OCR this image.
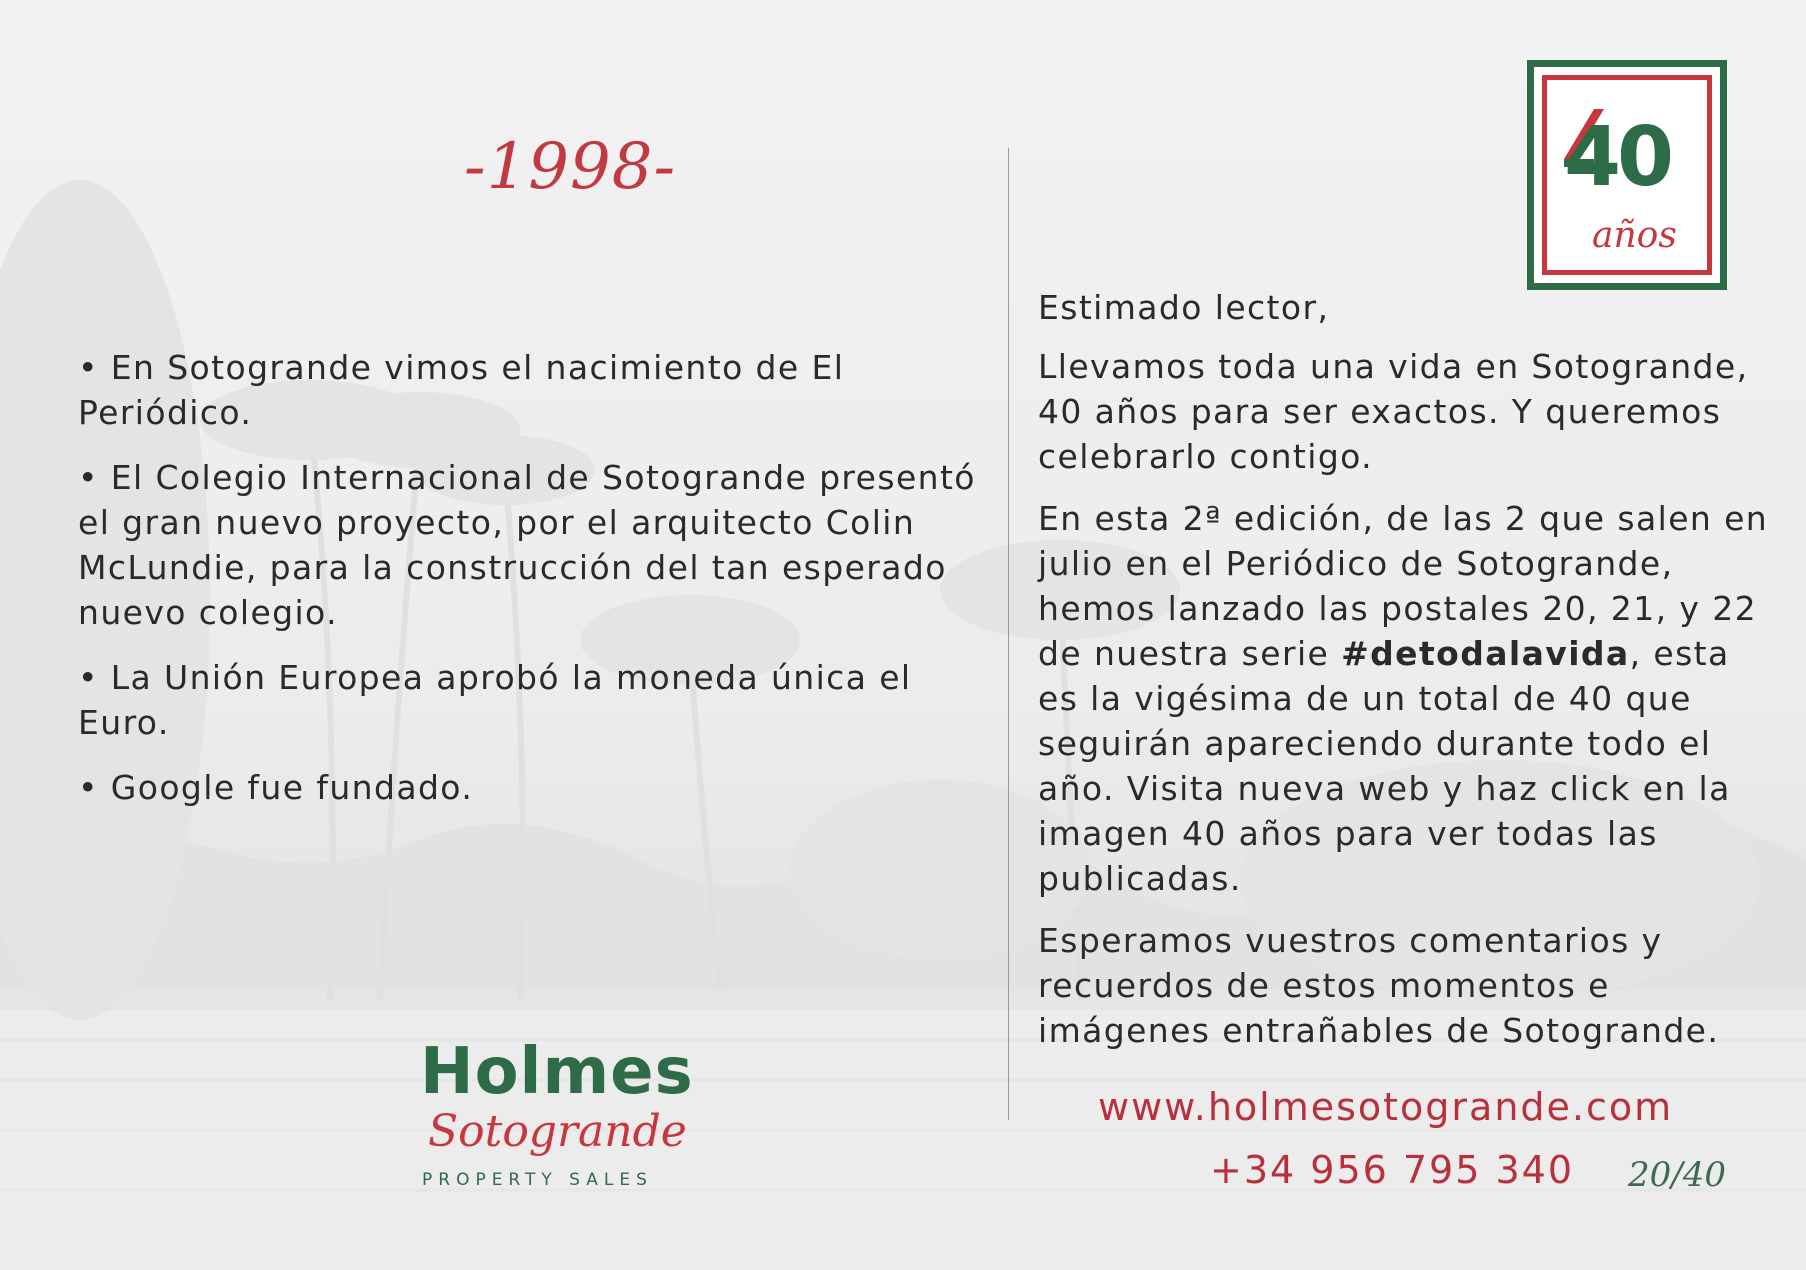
-1998-

• En Sotogrande vimos el nacimiento de El Periódico.

• El Colegio Internacional de Sotogrande presentó el gran nuevo proyecto, por el arquitecto Colin McLundie, para la construcción del tan esperado nuevo colegio.

• La Unión Europea aprobó la moneda única el Euro.

• Google fue fundado.

40
años

Estimado lector,

Llevamos toda una vida en Sotogrande, 40 años para ser exactos. Y queremos celebrarlo contigo.

En esta 2ª edición, de las 2 que salen en julio en el Periódico de Sotogrande, hemos lanzado las postales 20, 21, y 22 de nuestra serie #detodalavida, esta es la vigésima de un total de 40 que seguirán apareciendo durante todo el año. Visita nueva web y haz click en la imagen 40 años para ver todas las publicadas.

Esperamos vuestros comentarios y recuerdos de estos momentos e imágenes entrañables de Sotogrande.

www.holmesotogrande.com
+34 956 795 340 20/40
Holmes
Sotogrande
PROPERTY SALES
